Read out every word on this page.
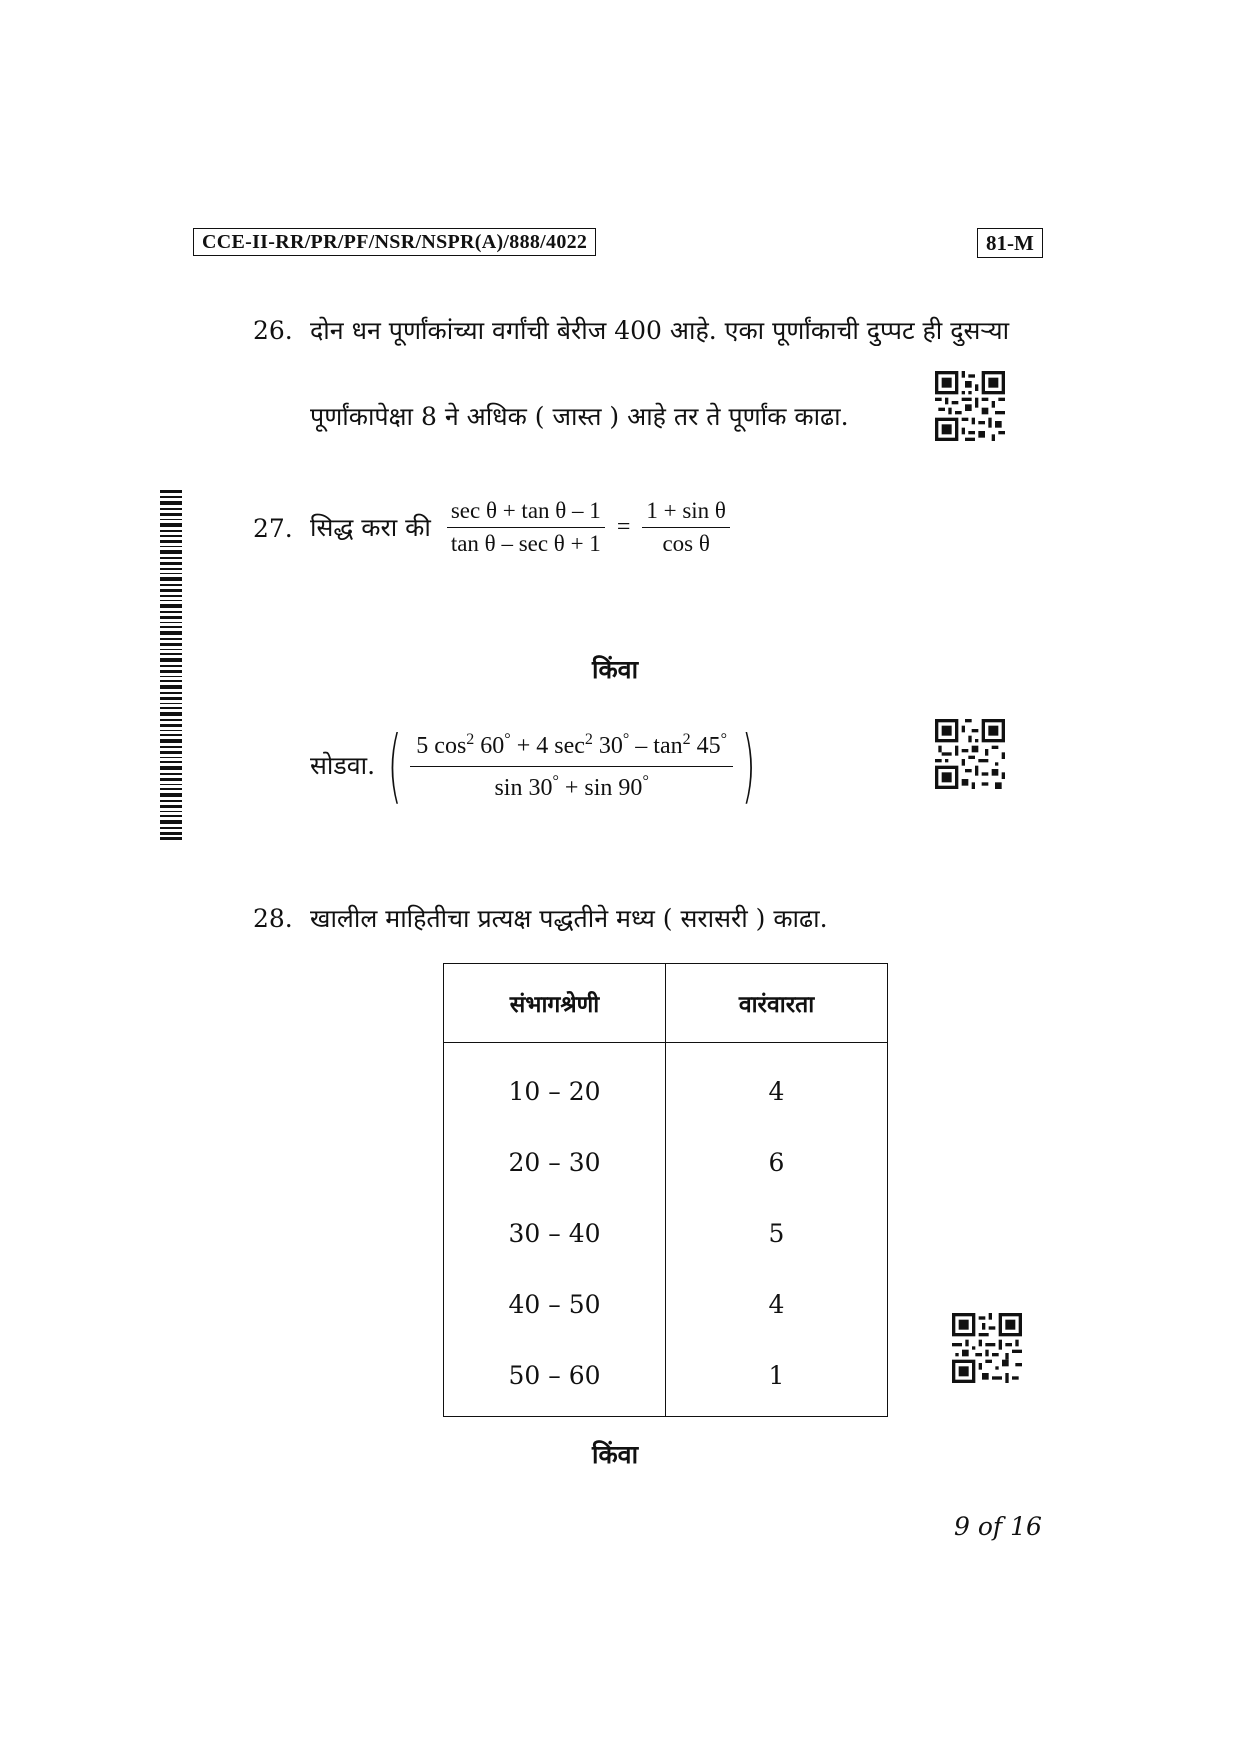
CCE-II-RR/PR/PF/NSR/NSPR(A)/888/4022	81-M
26. दोन धन पूर्णांकांच्या वर्गांची बेरीज 400 आहे. एका पूर्णांकाची दुप्पट ही दुसऱ्या
पूर्णांकापेक्षा 8 ने अधिक ( जास्त ) आहे तर ते पूर्णांक काढा.
27. सिद्ध करा की $\frac{\text{sec θ + tan θ – 1}}{\text{tan θ – sec θ + 1}} = \frac{\text{1 + sin θ}}{\text{cos θ}}$
किंवा
सोडवा. ( 5 $\cos^2 60^\circ + 4$ $\sec^2 30^\circ - \tan^2 45^\circ$
sin 30° + sin 90° )
28. खालील माहितीचा प्रत्यक्ष पद्धतीने मध्य ( सरासरी ) काढा.
संभागश्रेणी	वारंवारता
10 – 20	4
20 – 30	6
30 – 40	5
40 – 50	4
50 – 60	1
किंवा
9 of 16
